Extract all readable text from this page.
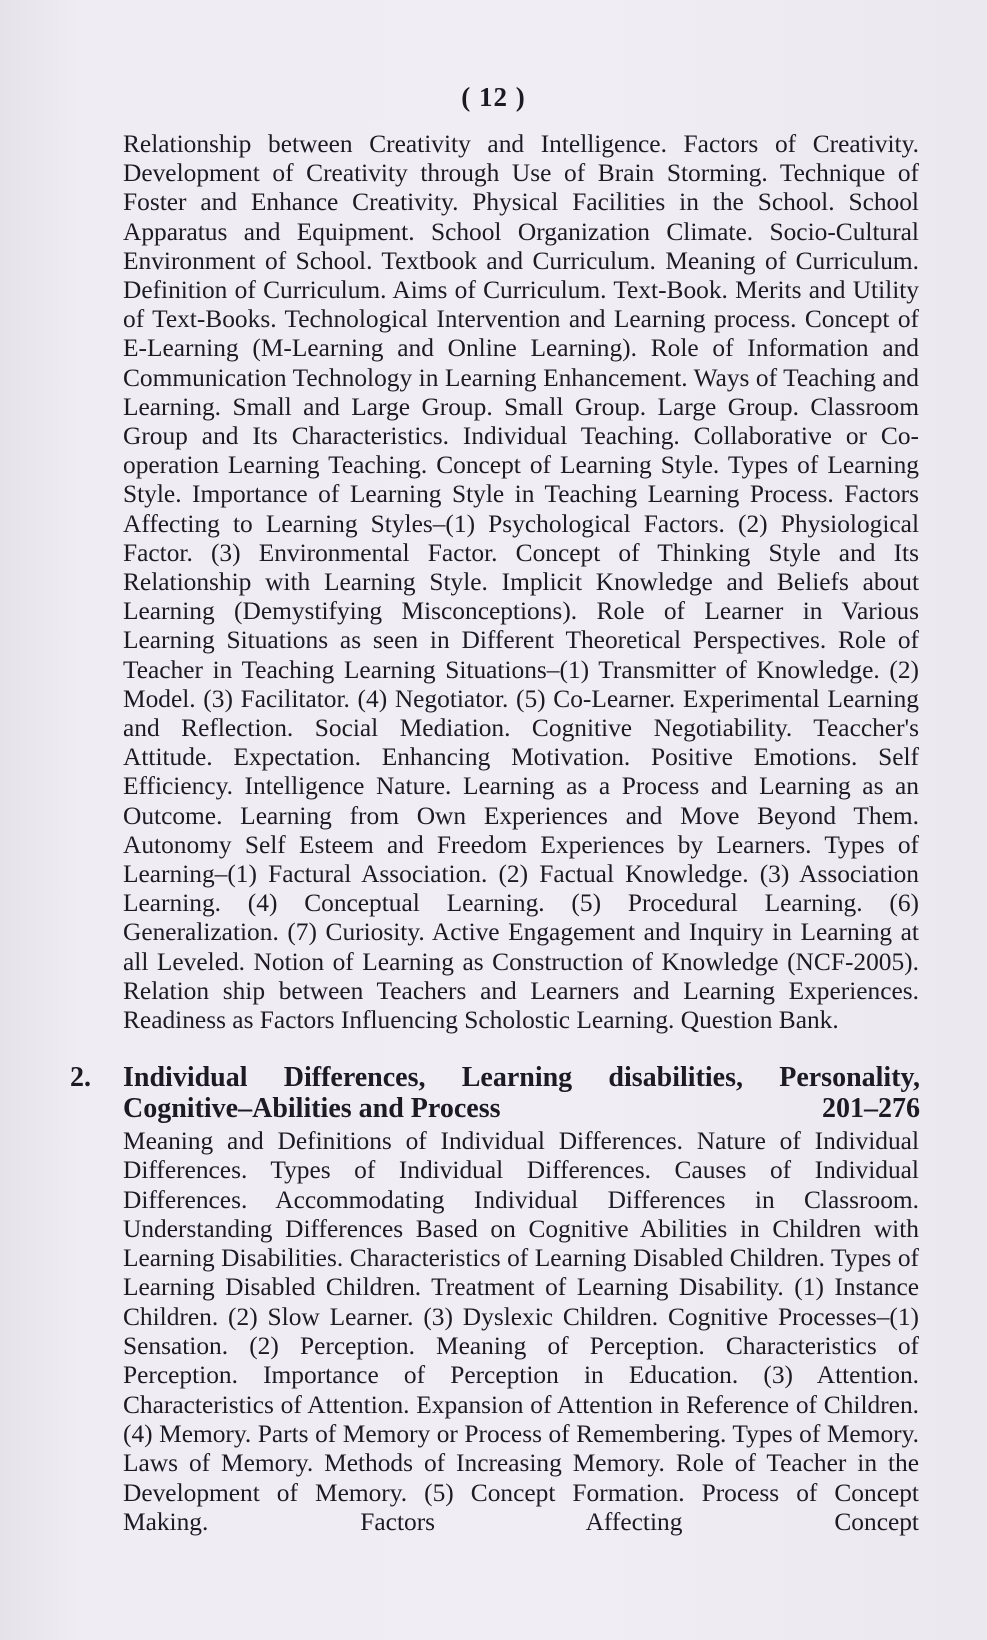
( 12 )

Relationship between Creativity and Intelligence. Factors of Creativity. Development of Creativity through Use of Brain Storming. Technique of Foster and Enhance Creativity. Physical Facilities in the School. School Apparatus and Equipment. School Organization Climate. Socio-Cultural Environment of School. Textbook and Curriculum. Meaning of Curriculum. Definition of Curriculum. Aims of Curriculum. Text-Book. Merits and Utility of Text-Books. Technological Intervention and Learning process. Concept of E-Learning (M-Learning and Online Learning). Role of Information and Communication Technology in Learning Enhancement. Ways of Teaching and Learning. Small and Large Group. Small Group. Large Group. Classroom Group and Its Characteristics. Individual Teaching. Collaborative or Co-operation Learning Teaching. Concept of Learning Style. Types of Learning Style. Importance of Learning Style in Teaching Learning Process. Factors Affecting to Learning Styles–(1) Psychological Factors. (2) Physiological Factor. (3) Environmental Factor. Concept of Thinking Style and Its Relationship with Learning Style. Implicit Knowledge and Beliefs about Learning (Demystifying Misconceptions). Role of Learner in Various Learning Situations as seen in Different Theoretical Perspectives. Role of Teacher in Teaching Learning Situations–(1) Transmitter of Knowledge. (2) Model. (3) Facilitator. (4) Negotiator. (5) Co-Learner. Experimental Learning and Reflection. Social Mediation. Cognitive Negotiability. Teaccher's Attitude. Expectation. Enhancing Motivation. Positive Emotions. Self Efficiency. Intelligence Nature. Learning as a Process and Learning as an Outcome. Learning from Own Experiences and Move Beyond Them. Autonomy Self Esteem and Freedom Experiences by Learners. Types of Learning–(1) Factural Association. (2) Factual Knowledge. (3) Association Learning. (4) Conceptual Learning. (5) Procedural Learning. (6) Generalization. (7) Curiosity. Active Engagement and Inquiry in Learning at all Leveled. Notion of Learning as Construction of Knowledge (NCF-2005). Relation ship between Teachers and Learners and Learning Experiences. Readiness as Factors Influencing Scholostic Learning. Question Bank.

2. Individual Differences, Learning disabilities, Personality,
Cognitive–Abilities and Process	201–276

Meaning and Definitions of Individual Differences. Nature of Individual Differences. Types of Individual Differences. Causes of Individual Differences. Accommodating Individual Differences in Classroom. Understanding Differences Based on Cognitive Abilities in Children with Learning Disabilities. Characteristics of Learning Disabled Children. Types of Learning Disabled Children. Treatment of Learning Disability. (1) Instance Children. (2) Slow Learner. (3) Dyslexic Children. Cognitive Processes–(1) Sensation. (2) Perception. Meaning of Perception. Characteristics of Perception. Importance of Perception in Education. (3) Attention. Characteristics of Attention. Expansion of Attention in Reference of Children. (4) Memory. Parts of Memory or Process of Remembering. Types of Memory. Laws of Memory. Methods of Increasing Memory. Role of Teacher in the Development of Memory. (5) Concept Formation. Process of Concept Making. Factors Affecting Concept
